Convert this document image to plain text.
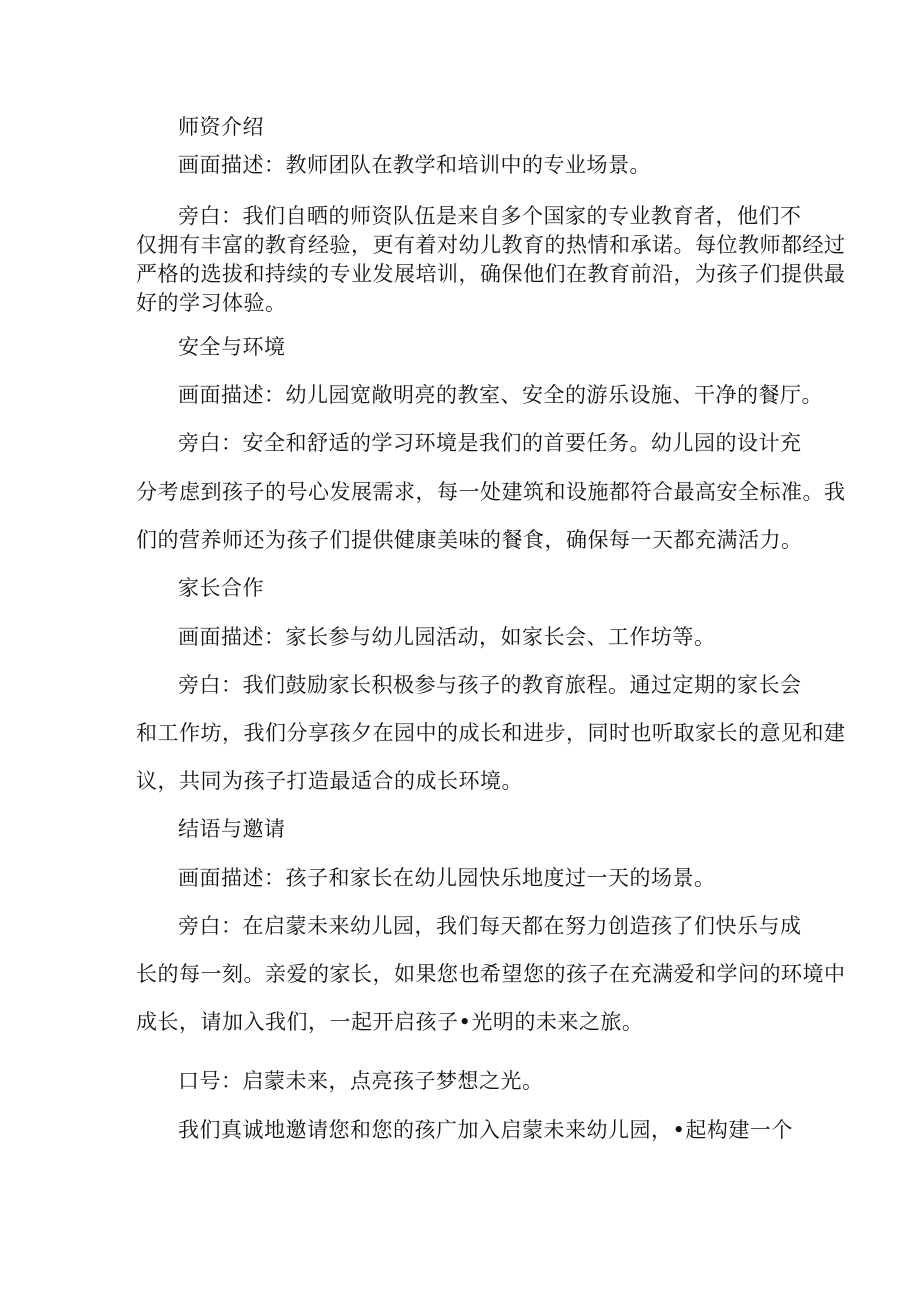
师资介绍
画面描述：教师团队在教学和培训中的专业场景。
旁白：我们自晒的师资队伍是来自多个国家的专业教育者，他们不
仅拥有丰富的教育经验，更有着对幼儿教育的热情和承诺。每位教师都经过
严格的选拔和持续的专业发展培训，确保他们在教育前沿，为孩子们提供最
好的学习体验。
安全与环境
画面描述：幼儿园宽敞明亮的教室、安全的游乐设施、干净的餐厅。
旁白：安全和舒适的学习环境是我们的首要任务。幼儿园的设计充
分考虑到孩子的号心发展需求，每一处建筑和设施都符合最高安全标准。我
们的营养师还为孩子们提供健康美味的餐食，确保每一天都充满活力。
家长合作
画面描述：家长参与幼儿园活动，如家长会、工作坊等。
旁白：我们鼓励家长积极参与孩子的教育旅程。通过定期的家长会
和工作坊，我们分享孩夕在园中的成长和进步，同时也听取家长的意见和建
议，共同为孩子打造最适合的成长环境。
结语与邀请
画面描述：孩子和家长在幼儿园快乐地度过一天的场景。
旁白：在启蒙未来幼儿园，我们每天都在努力创造孩了们快乐与成
长的每一刻。亲爱的家长，如果您也希望您的孩子在充满爱和学问的环境中
成长，请加入我们，一起开启孩子•光明的未来之旅。
口号：启蒙未来，点亮孩子梦想之光。
我们真诚地邀请您和您的孩广加入启蒙未来幼儿园，•起构建一个
